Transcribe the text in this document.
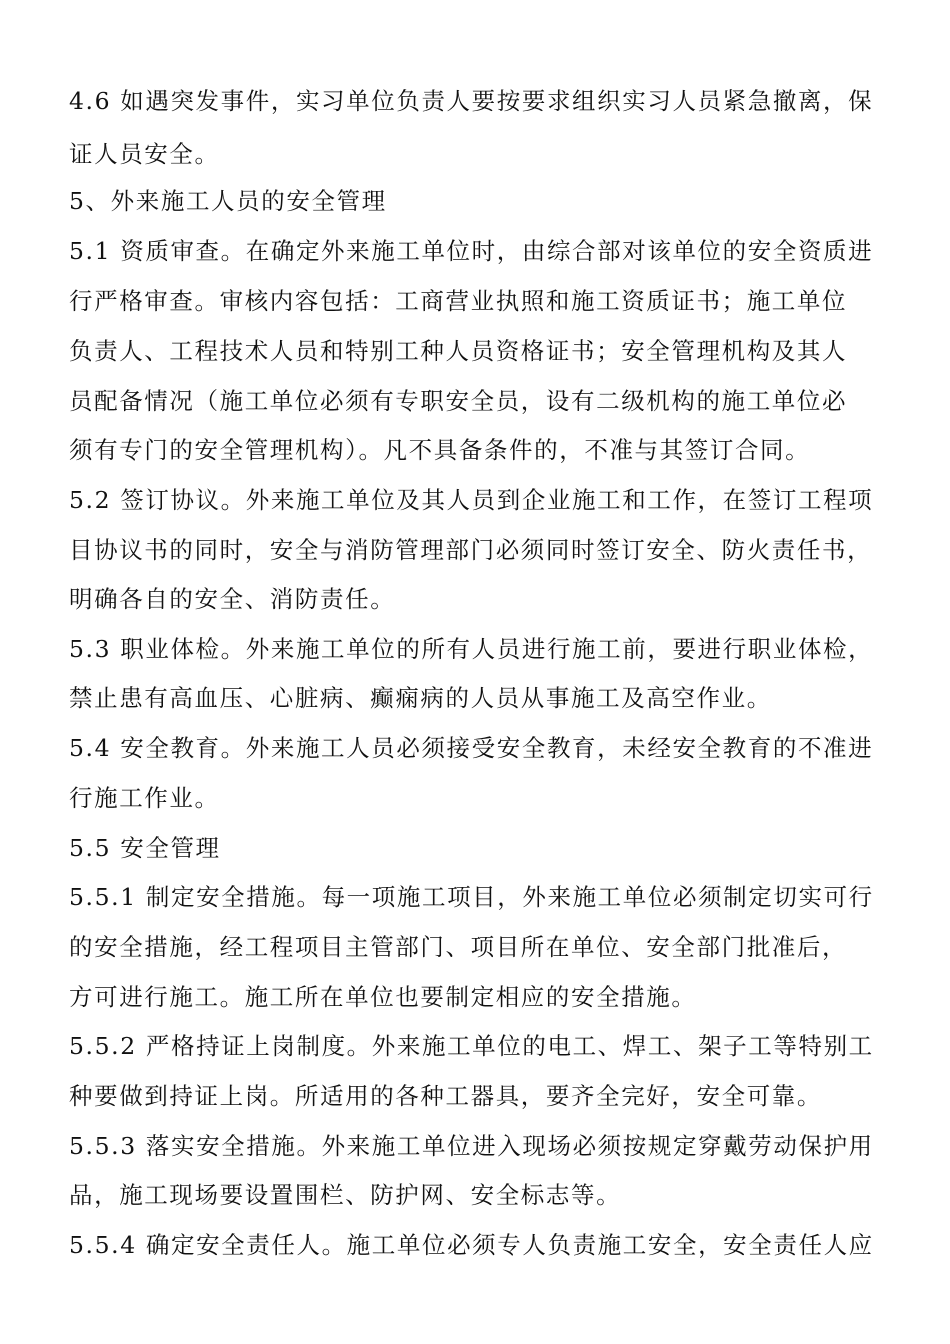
4.6 如遇突发事件，实习单位负责人要按要求组织实习人员紧急撤离，保
证人员安全。
5、外来施工人员的安全管理
5.1 资质审查。在确定外来施工单位时，由综合部对该单位的安全资质进
行严格审查。审核内容包括：工商营业执照和施工资质证书；施工单位
负责人、工程技术人员和特别工种人员资格证书；安全管理机构及其人
员配备情况（施工单位必须有专职安全员，设有二级机构的施工单位必
须有专门的安全管理机构）。凡不具备条件的，不准与其签订合同。
5.2 签订协议。外来施工单位及其人员到企业施工和工作，在签订工程项
目协议书的同时，安全与消防管理部门必须同时签订安全、防火责任书，
明确各自的安全、消防责任。
5.3 职业体检。外来施工单位的所有人员进行施工前，要进行职业体检，
禁止患有高血压、心脏病、癫痫病的人员从事施工及高空作业。
5.4 安全教育。外来施工人员必须接受安全教育，未经安全教育的不准进
行施工作业。
5.5 安全管理
5.5.1 制定安全措施。每一项施工项目，外来施工单位必须制定切实可行
的安全措施，经工程项目主管部门、项目所在单位、安全部门批准后，
方可进行施工。施工所在单位也要制定相应的安全措施。
5.5.2 严格持证上岗制度。外来施工单位的电工、焊工、架子工等特别工
种要做到持证上岗。所适用的各种工器具，要齐全完好，安全可靠。
5.5.3 落实安全措施。外来施工单位进入现场必须按规定穿戴劳动保护用
品，施工现场要设置围栏、防护网、安全标志等。
5.5.4 确定安全责任人。施工单位必须专人负责施工安全，安全责任人应
